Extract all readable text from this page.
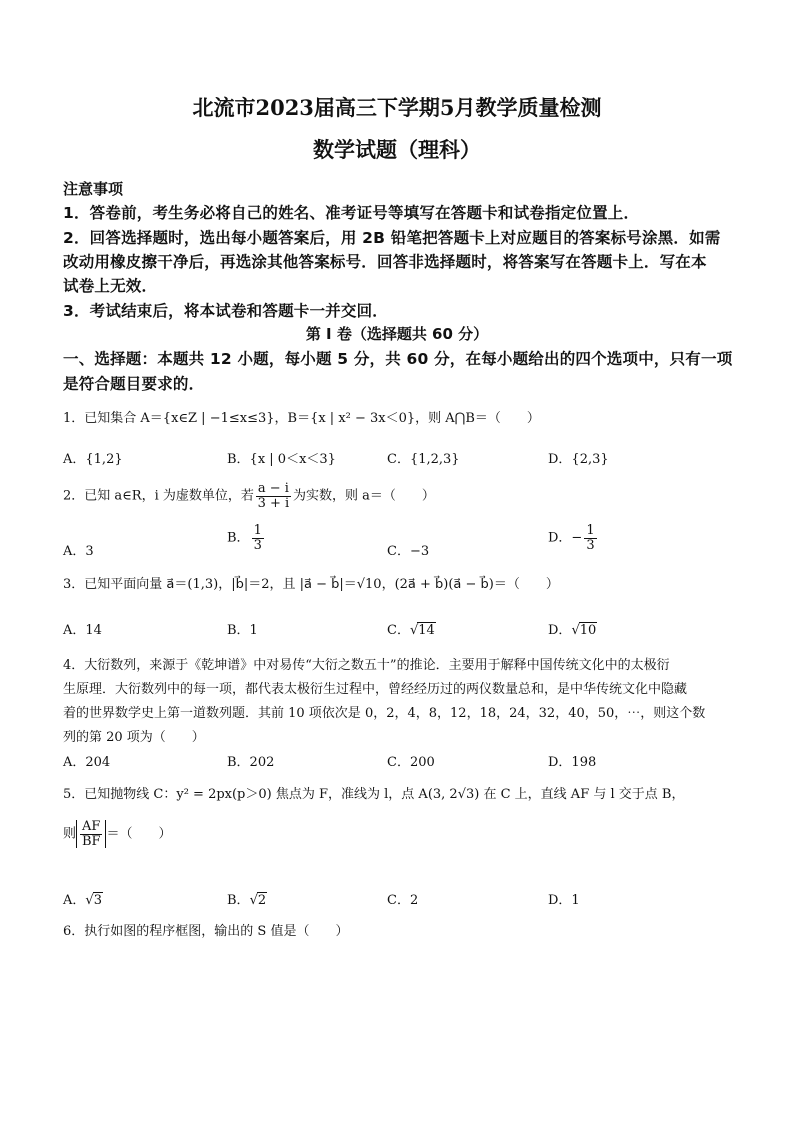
北流市2023届高三下学期5月教学质量检测
数学试题（理科）
注意事项
1．答卷前，考生务必将自己的姓名、准考证号等填写在答题卡和试卷指定位置上．
2．回答选择题时，选出每小题答案后，用 2B 铅笔把答题卡上对应题目的答案标号涂黑．如需
改动用橡皮擦干净后，再选涂其他答案标号．回答非选择题时，将答案写在答题卡上．写在本
试卷上无效．
3．考试结束后，将本试卷和答题卡一并交回．
第 I 卷（选择题共 60 分）
一、选择题：本题共 12 小题，每小题 5 分，共 60 分，在每小题给出的四个选项中，只有一项
是符合题目要求的．
1．已知集合 A＝{x∈Z | −1≤x≤3}，B＝{x | x² − 3x＜0}，则 A⋂B＝（　　）
A．{1,2}	B．{x | 0＜x＜3}	C．{1,2,3}	D．{2,3}
2．已知 a∈R，i 为虚数单位，若 $\frac{a - i}{3 + i}$ 为实数，则 a＝（　　）
A．3
B． $\frac{1}{3}$	C．−3
D．− $\frac{1}{3}$
3．已知平面向量 a⃗＝(1,3)，|b⃗|＝2，且 |a⃗ − b⃗|＝√10，(2a⃗ + b⃗)(a⃗ − b⃗)＝（　　）
A．14	B．1	C．√14	D．√10
4．大衍数列，来源于《乾坤谱》中对易传“大衍之数五十”的推论．主要用于解释中国传统文化中的太极衍
生原理．大衍数列中的每一项，都代表太极衍生过程中，曾经经历过的两仪数量总和，是中华传统文化中隐藏
着的世界数学史上第一道数列题．其前 10 项依次是 0，2，4，8，12，18，24，32，40，50，⋯，则这个数
列的第 20 项为（　　）
A．204	B．202	C．200	D．198
5．已知抛物线 C：y² = 2px(p＞0) 焦点为 F，准线为 l，点 A(3, 2√3) 在 C 上，直线 AF 与 l 交于点 B，
则 $\frac{AF}{BF}$ ＝（　　）
A．√3	B．√2	C．2	D．1
6．执行如图的程序框图，输出的 S 值是（　　）
